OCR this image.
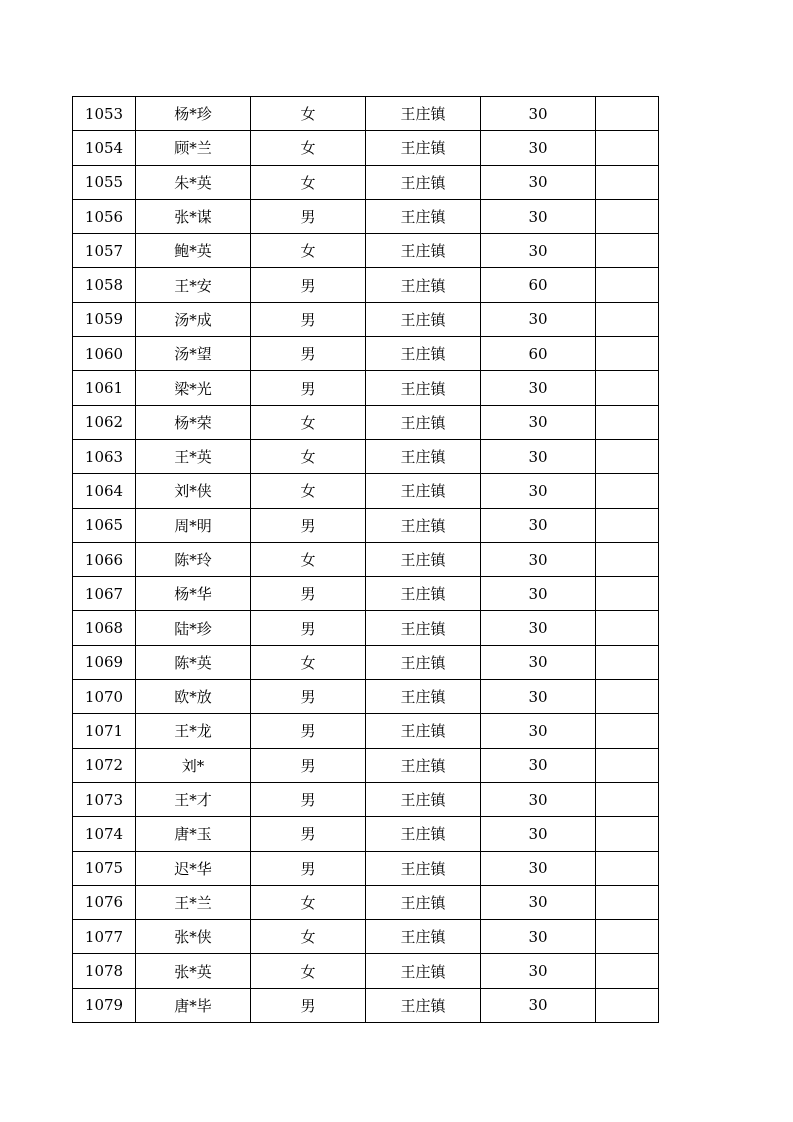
1053	杨*珍	女	王庄镇	30	
1054	顾*兰	女	王庄镇	30	
1055	朱*英	女	王庄镇	30	
1056	张*谋	男	王庄镇	30	
1057	鲍*英	女	王庄镇	30	
1058	王*安	男	王庄镇	60	
1059	汤*成	男	王庄镇	30	
1060	汤*望	男	王庄镇	60	
1061	梁*光	男	王庄镇	30	
1062	杨*荣	女	王庄镇	30	
1063	王*英	女	王庄镇	30	
1064	刘*侠	女	王庄镇	30	
1065	周*明	男	王庄镇	30	
1066	陈*玲	女	王庄镇	30	
1067	杨*华	男	王庄镇	30	
1068	陆*珍	男	王庄镇	30	
1069	陈*英	女	王庄镇	30	
1070	欧*放	男	王庄镇	30	
1071	王*龙	男	王庄镇	30	
1072	刘*	男	王庄镇	30	
1073	王*才	男	王庄镇	30	
1074	唐*玉	男	王庄镇	30	
1075	迟*华	男	王庄镇	30	
1076	王*兰	女	王庄镇	30	
1077	张*侠	女	王庄镇	30	
1078	张*英	女	王庄镇	30	
1079	唐*毕	男	王庄镇	30	
